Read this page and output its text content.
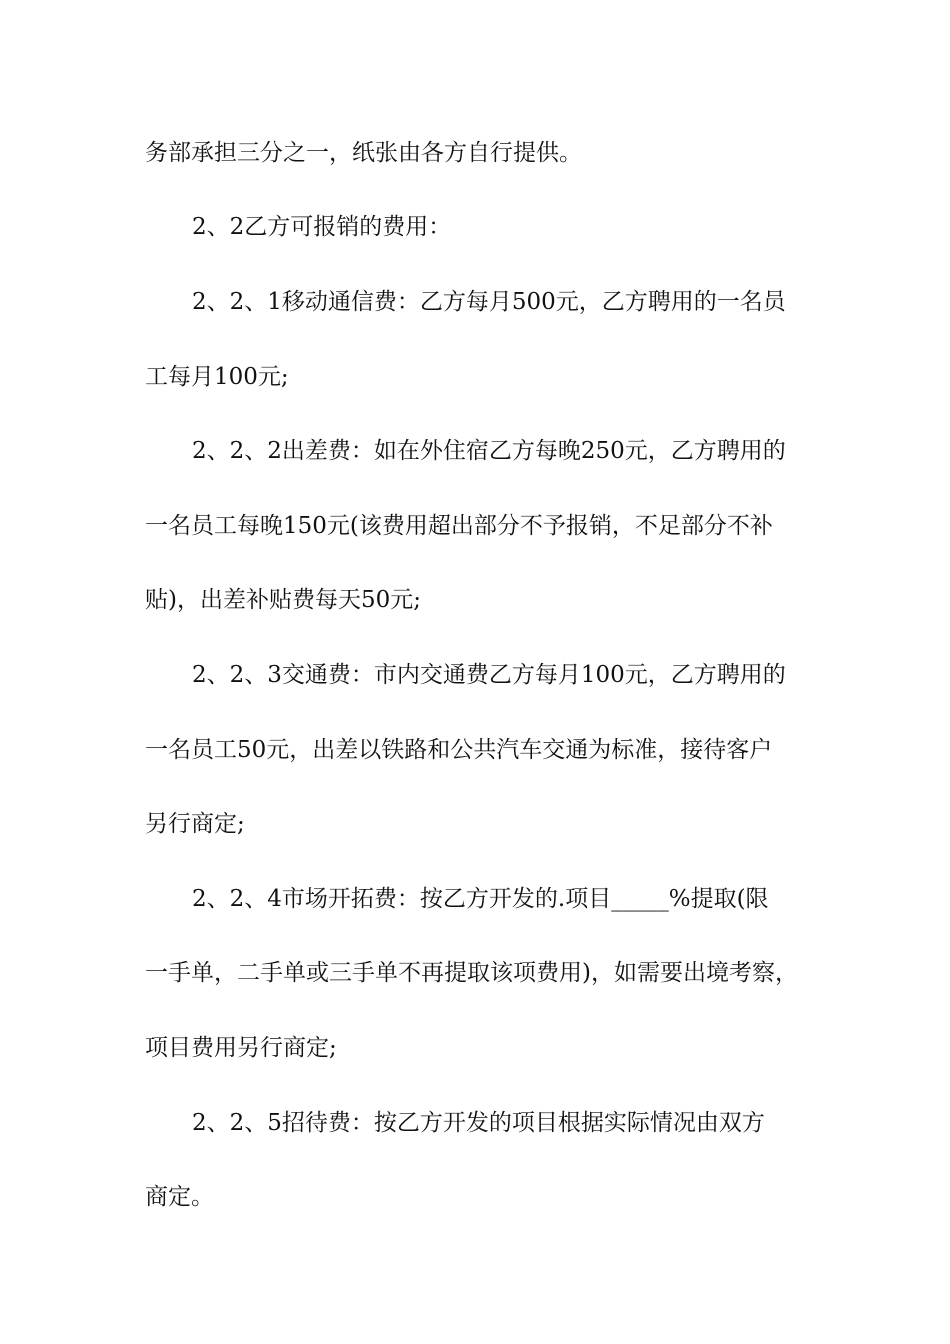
务部承担三分之一，纸张由各方自行提供。
2、2乙方可报销的费用：
2、2、1移动通信费：乙方每月500元，乙方聘用的一名员
工每月100元;
2、2、2出差费：如在外住宿乙方每晚250元，乙方聘用的
一名员工每晚150元(该费用超出部分不予报销，不足部分不补
贴)，出差补贴费每天50元;
2、2、3交通费：市内交通费乙方每月100元，乙方聘用的
一名员工50元，出差以铁路和公共汽车交通为标准，接待客户
另行商定;
2、2、4市场开拓费：按乙方开发的.项目_____%提取(限
一手单，二手单或三手单不再提取该项费用)，如需要出境考察，
项目费用另行商定;
2、2、5招待费：按乙方开发的项目根据实际情况由双方
商定。
